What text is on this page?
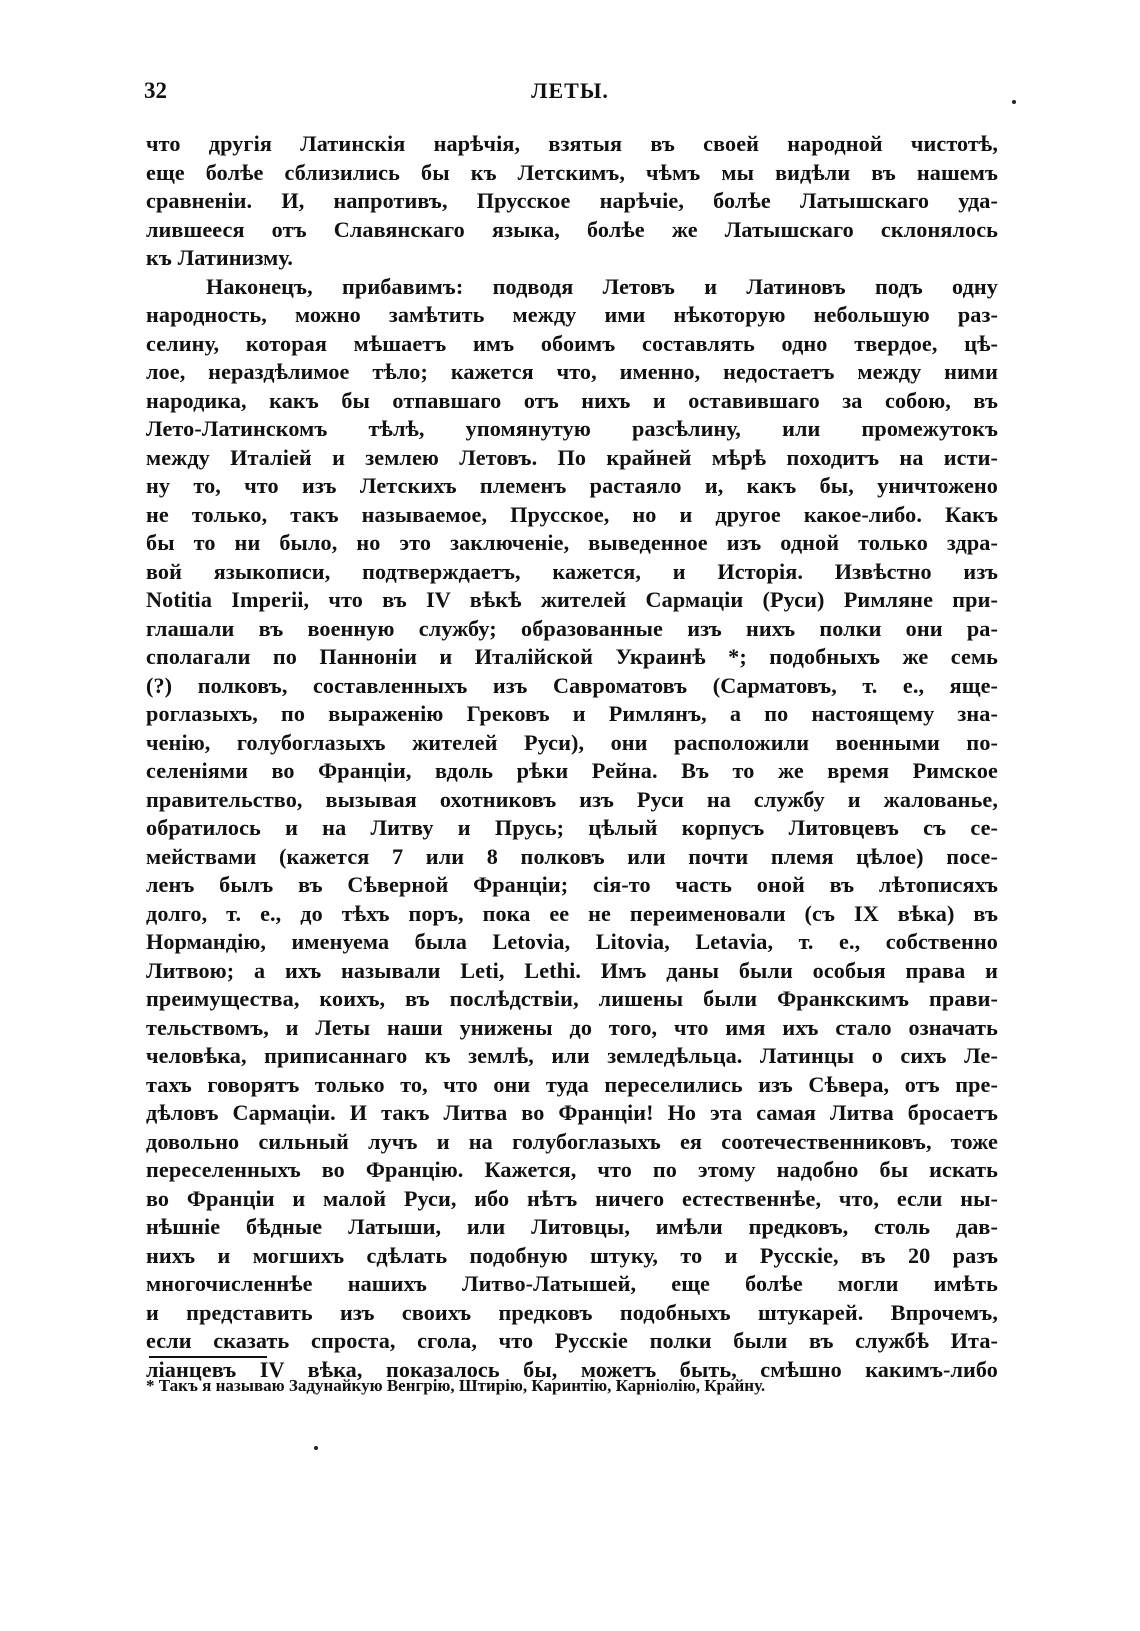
32	ЛЕТЫ.
что другія Латинскія нарѣчія, взятыя въ своей народной чистотѣ,
еще болѣе сблизились бы къ Летскимъ, чѣмъ мы видѣли въ нашемъ
сравненіи. И, напротивъ, Прусское нарѣчіе, болѣе Латышскаго уда-
лившееся отъ Славянскаго языка, болѣе же Латышскаго склонялось
къ Латинизму.
Наконецъ, прибавимъ: подводя Летовъ и Латиновъ подъ одну
народность, можно замѣтить между ими нѣкоторую небольшую раз-
селину, которая мѣшаетъ имъ обоимъ составлять одно твердое, цѣ-
лое, нераздѣлимое тѣло; кажется что, именно, недостаетъ между ними
народика, какъ бы отпавшаго отъ нихъ и оставившаго за собою, въ
Лето-Латинскомъ тѣлѣ, упомянутую разсѣлину, или промежутокъ
между Италіей и землею Летовъ. По крайней мѣрѣ походитъ на исти-
ну то, что изъ Летскихъ племенъ растаяло и, какъ бы, уничтожено
не только, такъ называемое, Прусское, но и другое какое-либо. Какъ
бы то ни было, но это заключеніе, выведенное изъ одной только здра-
вой языкописи, подтверждаетъ, кажется, и Исторія. Извѣстно изъ
Notitia Imperii, что въ IV вѣкѣ жителей Сармаціи (Руси) Римляне при-
глашали въ военную службу; образованные изъ нихъ полки они ра-
сполагали по Паннонiи и Италійской Украинѣ *; подобныхъ же семь
(?) полковъ, составленныхъ изъ Савроматовъ (Сарматовъ, т. е., яще-
роглазыхъ, по выраженію Грековъ и Римлянъ, а по настоящему зна-
ченію, голубоглазыхъ жителей Руси), они расположили военными по-
селеніями во Франціи, вдоль рѣки Рейна. Въ то же время Римское
правительство, вызывая охотниковъ изъ Руси на службу и жалованье,
обратилось и на Литву и Прусь; цѣлый корпусъ Литовцевъ съ се-
мействами (кажется 7 или 8 полковъ или почти племя цѣлое) посе-
ленъ былъ въ Сѣверной Франціи; сія-то часть оной въ лѣтописяхъ
долго, т. е., до тѣхъ поръ, пока ее не переименовали (съ IX вѣка) въ
Нормандію, именуема была Letovia, Litovia, Letavia, т. е., собственно
Литвою; а ихъ называли Leti, Lethi. Имъ даны были особыя права и
преимущества, коихъ, въ послѣдствіи, лишены были Франкскимъ прави-
тельствомъ, и Леты наши унижены до того, что имя ихъ стало означать
человѣка, приписаннаго къ землѣ, или земледѣльца. Латинцы о сихъ Ле-
тахъ говорятъ только то, что они туда переселились изъ Сѣвера, отъ пре-
дѣловъ Сармаціи. И такъ Литва во Франціи! Но эта самая Литва бросаетъ
довольно сильный лучъ и на голубоглазыхъ ея соотечественниковъ, тоже
переселенныхъ во Францію. Кажется, что по этому надобно бы искать
во Франціи и малой Руси, ибо нѣтъ ничего естественнѣе, что, если ны-
нѣшніе бѣдные Латыши, или Литовцы, имѣли предковъ, столь дав-
нихъ и могшихъ сдѣлать подобную штуку, то и Русскіе, въ 20 разъ
многочисленнѣе нашихъ Литво-Латышей, еще болѣе могли имѣть
и представить изъ своихъ предковъ подобныхъ штукарей. Впрочемъ,
если сказать спроста, сгола, что Русскіе полки были въ службѣ Ита-
ліанцевъ IV вѣка, показалось бы, можетъ быть, смѣшно какимъ-либо
* Такъ я называю Задунайкую Венгрію, Штирію, Каринтію, Карніолію, Крайну.
